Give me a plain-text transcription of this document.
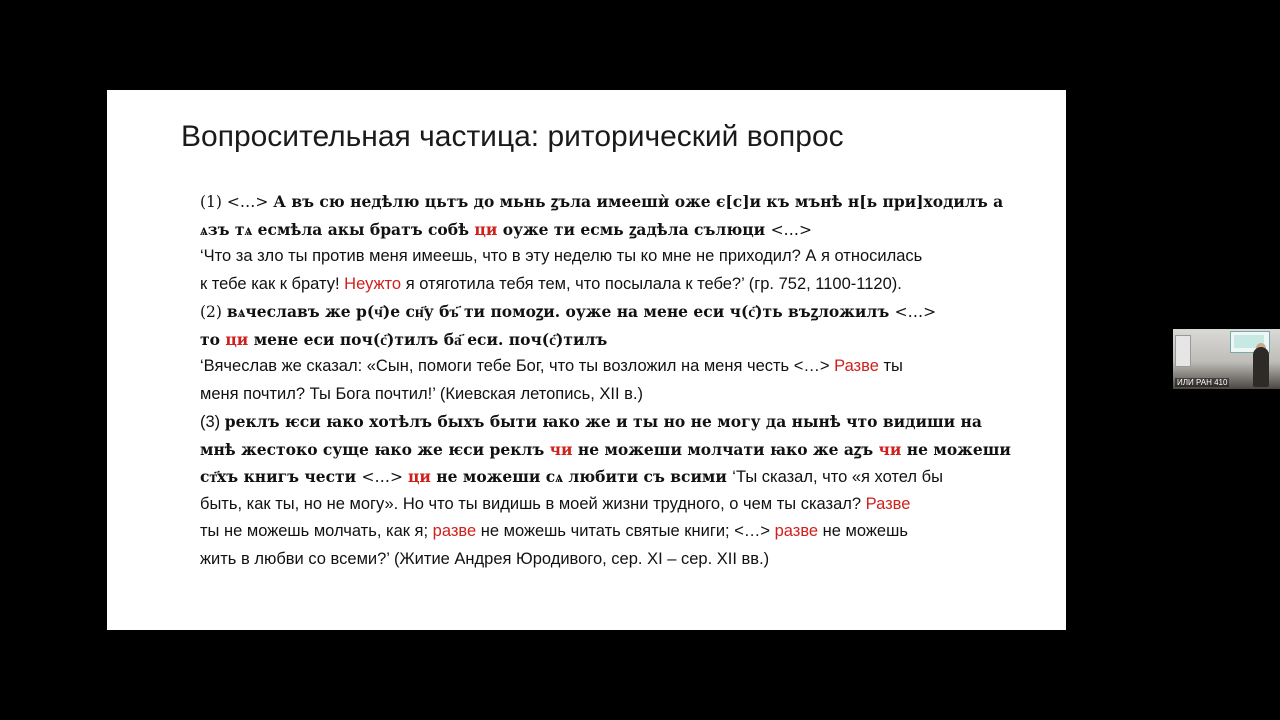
Вопросительная частица: риторический вопрос
(1) <…> А въ сю недѣлю цьтъ до мьнь ꙁъла имеешѝ оже є[с]и къ мънѣ н[ь при]ходилъ а
ѧзъ тѧ есмѣла акы братъ собѣ ци оуже ти есмь ꙁадѣла сълюци <…>
‘Что за зло ты против меня имеешь, что в эту неделю ты ко мне не приходил? А я относилась
к тебе как к брату! Неужто я отяготила тебя тем, что посылала к тебе?’ (гр. 752, 1100-1120).
(2) вѧчеславъ же р(ч҃)е сн҃у бъ҃ ти помоꙁи. оуже на мене еси ч(с҃)ть въꙁложилъ <…>
то ци мене еси поч(с҃)тилъ ба҃ еси. поч(с҃)тилъ
‘Вячеслав же сказал: «Сын, помоги тебе Бог, что ты возложил на меня честь <…> Разве ты
меня почтил? Ты Бога почтил!’ (Киевская летопись, XII в.)
(3) реклъ ѥси ꙗко хотѣлъ быхъ быти ꙗко же и ты но не могу да нынѣ что видиши на
мнѣ жестоко суще ꙗко же ѥси реклъ чи не можеши молчати ꙗко же аꙁъ чи не можеши
ст҃хъ книгъ чести <…> ци не можеши сѧ любити съ всими ‘Ты сказал, что «я хотел бы
быть, как ты, но не могу». Но что ты видишь в моей жизни трудного, о чем ты сказал? Разве
ты не можешь молчать, как я; разве не можешь читать святые книги; <…> разве не можешь
жить в любви со всеми?’ (Житие Андрея Юродивого, сер. XI – сер. XII вв.)
ИЛИ РАН 410
